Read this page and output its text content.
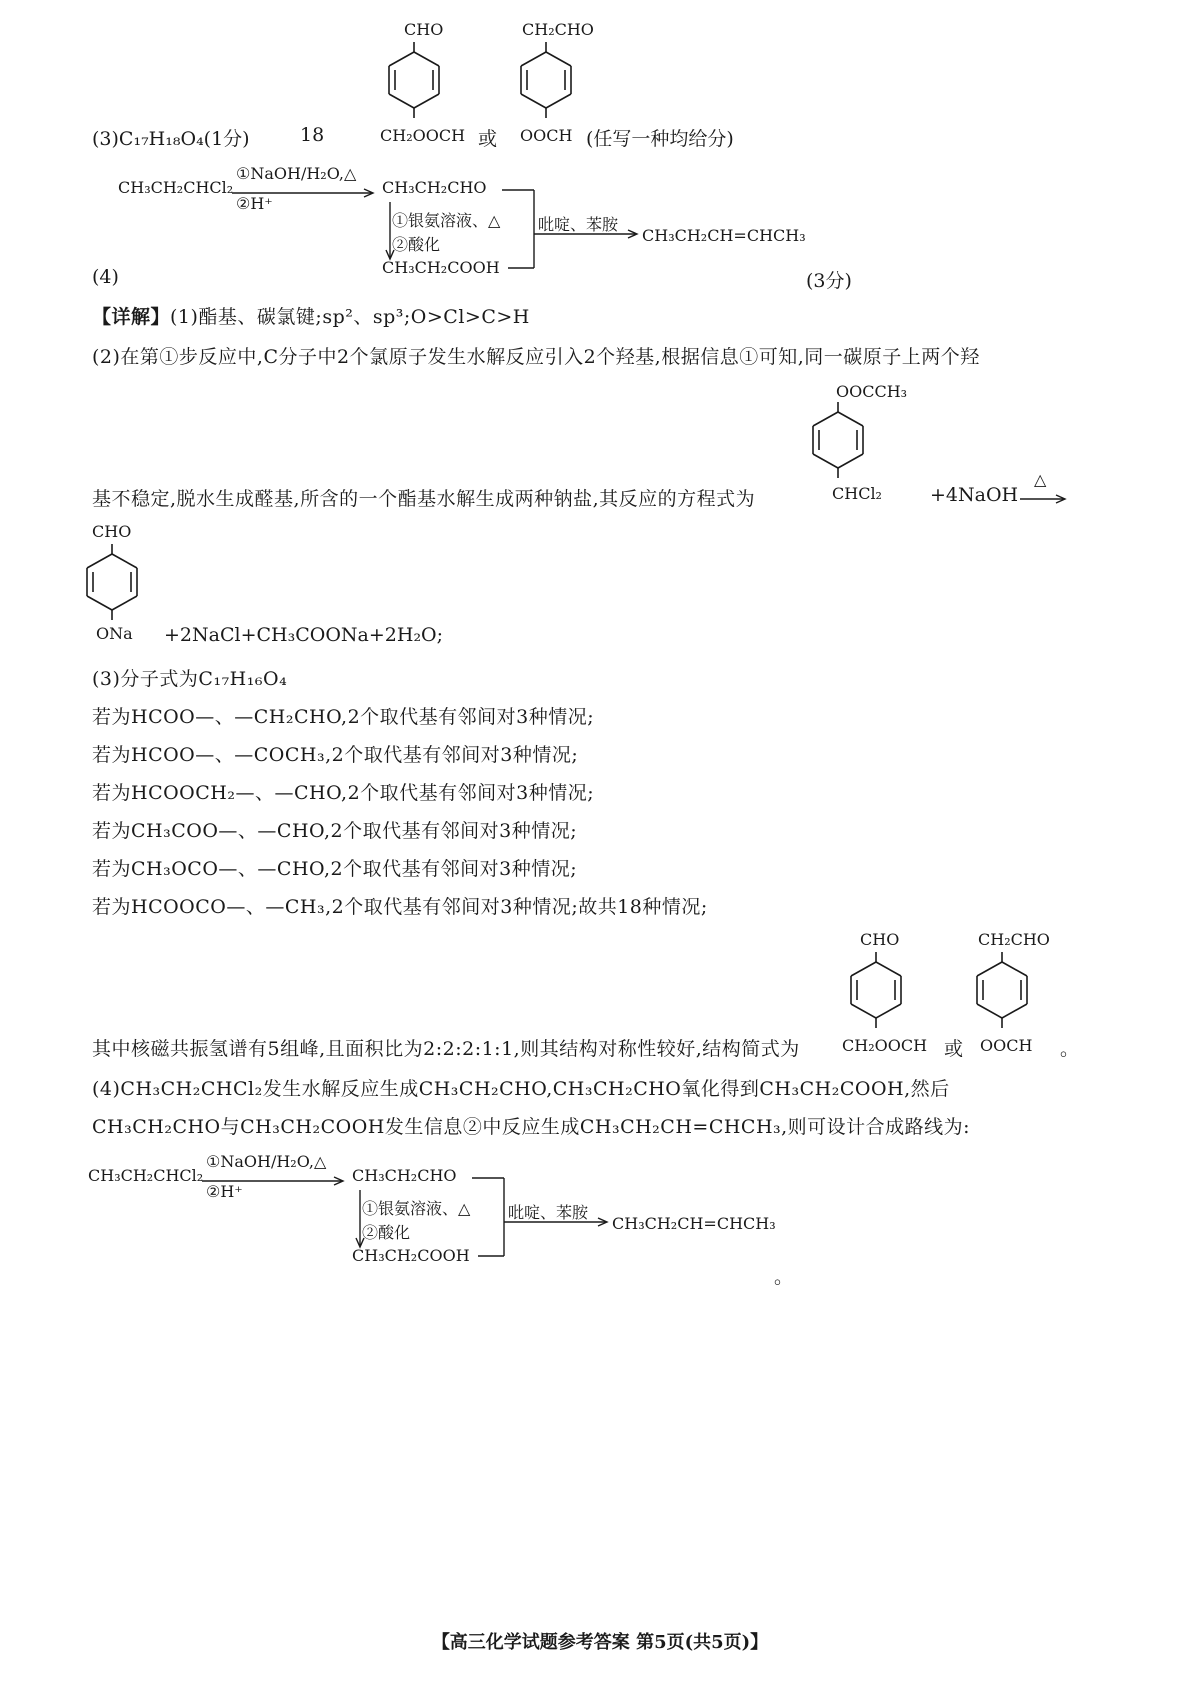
CHO
(3)C₁₇H₁₈O₄(1分)	18	CH₂OOCH 或
CH₂CHO
OOCH (任写一种均给分)
CH₃CH₂CHCl₂
①NaOH/H₂O,△
②H⁺
CH₃CH₂CHO
①银氨溶液、△
②酸化
吡啶、苯胺
CH₃CH₂CH=CHCH₃
CH₃CH₂COOH
(4)	(3分)
【详解】(1)酯基、碳氯键;sp²、sp³;O>Cl>C>H
(2)在第①步反应中,C分子中2个氯原子发生水解反应引入2个羟基,根据信息①可知,同一碳原子上两个羟
OOCCH₃
基不稳定,脱水生成醛基,所含的一个酯基水解生成两种钠盐,其反应的方程式为	CHCl₂	+4NaOH
△
CHO
ONa +2NaCl+CH₃COONa+2H₂O;
(3)分子式为C₁₇H₁₆O₄
若为HCOO—、—CH₂CHO,2个取代基有邻间对3种情况;
若为HCOO—、—COCH₃,2个取代基有邻间对3种情况;
若为HCOOCH₂—、—CHO,2个取代基有邻间对3种情况;
若为CH₃COO—、—CHO,2个取代基有邻间对3种情况;
若为CH₃OCO—、—CHO,2个取代基有邻间对3种情况;
若为HCOOCO—、—CH₃,2个取代基有邻间对3种情况;故共18种情况;
CHO	CH₂CHO
其中核磁共振氢谱有5组峰,且面积比为2:2:2:1:1,则其结构对称性较好,结构简式为	CH₂OOCH 或 OOCH 。
(4)CH₃CH₂CHCl₂发生水解反应生成CH₃CH₂CHO,CH₃CH₂CHO氧化得到CH₃CH₂COOH,然后
CH₃CH₂CHO与CH₃CH₂COOH发生信息②中反应生成CH₃CH₂CH=CHCH₃,则可设计合成路线为:
CH₃CH₂CHCl₂
①NaOH/H₂O,△
②H⁺
CH₃CH₂CHO
①银氨溶液、△
②酸化
吡啶、苯胺
CH₃CH₂CH=CHCH₃
CH₃CH₂COOH
。
【高三化学试题参考答案 第5页(共5页)】
